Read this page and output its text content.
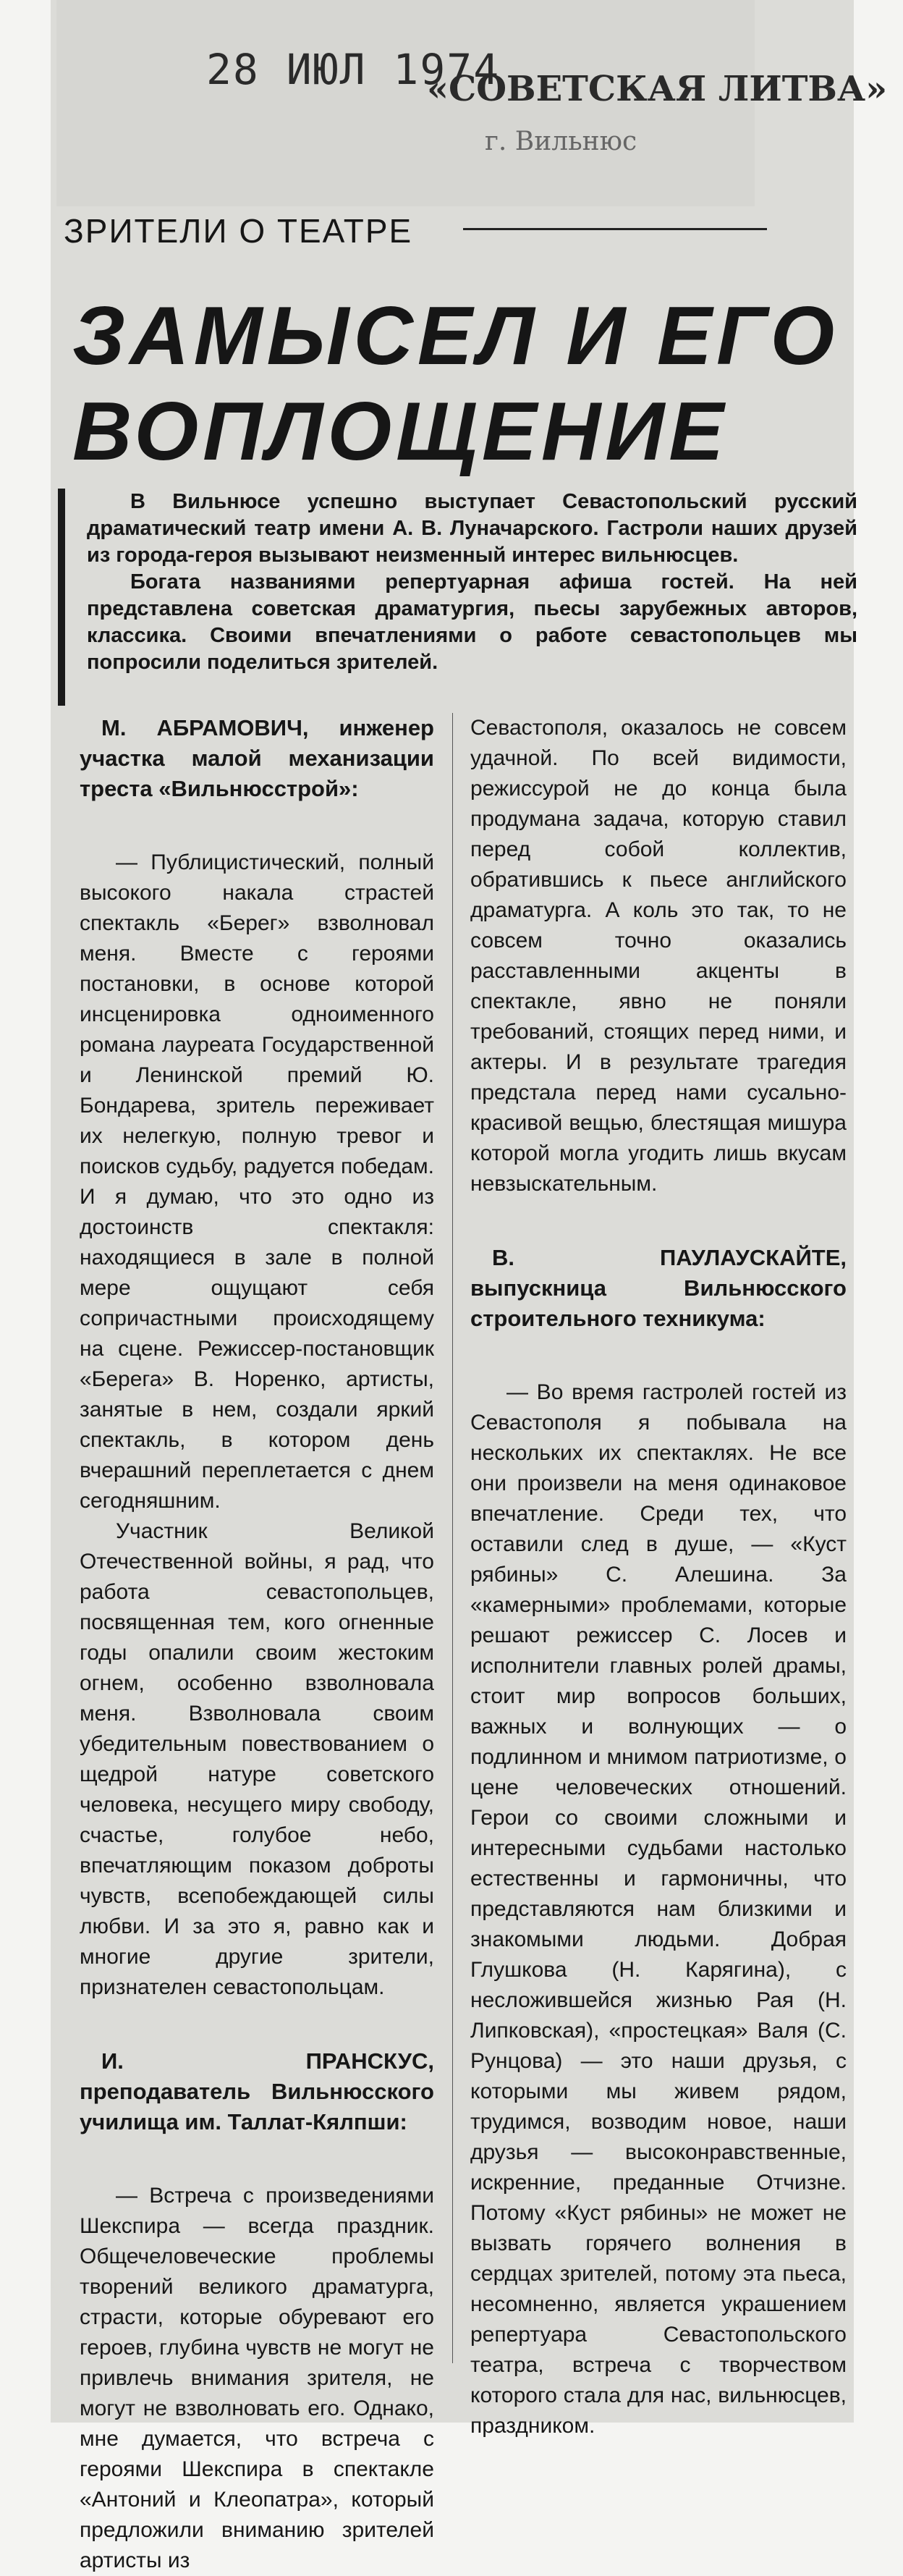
28 ИЮЛ 1974
«СОВЕТСКАЯ ЛИТВА»
г. Вильнюс
ЗРИТЕЛИ О ТЕАТРЕ
ЗАМЫСЕЛ И ЕГО
ВОПЛОЩЕНИЕ

В Вильнюсе успешно выступает Севастопольский русский драматический театр имени А. В. Луначарского. Гастроли наших друзей из города-героя вызывают неизменный интерес вильнюсцев.

Богата названиями репертуарная афиша гостей. На ней представлена советская драматургия, пьесы зарубежных авторов, классика. Своими впечатлениями о работе севастопольцев мы попросили поделиться зрителей.

М. АБРАМОВИЧ, инженер участка малой механизации треста «Вильнюсстрой»:

— Публицистический, полный высокого накала страстей спектакль «Берег» взволновал меня. Вместе с героями постановки, в основе которой инсценировка одноименного романа лауреата Государственной и Ленинской премий Ю. Бондарева, зритель переживает их нелегкую, полную тревог и поисков судьбу, радуется победам. И я думаю, что это одно из достоинств спектакля: находящиеся в зале в полной мере ощущают себя сопричастными происходящему на сцене. Режиссер-постановщик «Берега» В. Норенко, артисты, занятые в нем, создали яркий спектакль, в котором день вчерашний переплетается с днем сегодняшним.

Участник Великой Отечественной войны, я рад, что работа севастопольцев, посвященная тем, кого огненные годы опалили своим жестоким огнем, особенно взволновала меня. Взволновала своим убедительным повествованием о щедрой натуре советского человека, несущего миру свободу, счастье, голубое небо, впечатляющим показом доброты чувств, всепобеждающей силы любви. И за это я, равно как и многие другие зрители, признателен севастопольцам.

И. ПРАНСКУС, преподаватель Вильнюсского училища им. Таллат-Кялпши:

— Встреча с произведениями Шекспира — всегда праздник. Общечеловеческие проблемы творений великого драматурга, страсти, которые обуревают его героев, глубина чувств не могут не привлечь внимания зрителя, не могут не взволновать его. Однако, мне думается, что встреча с героями Шекспира в спектакле «Антоний и Клеопатра», который предложили вниманию зрителей артисты из

Севастополя, оказалось не совсем удачной. По всей видимости, режиссурой не до конца была продумана задача, которую ставил перед собой коллектив, обратившись к пьесе английского драматурга. А коль это так, то не совсем точно оказались расставленными акценты в спектакле, явно не поняли требований, стоящих перед ними, и актеры. И в результате трагедия предстала перед нами сусально-красивой вещью, блестящая мишура которой могла угодить лишь вкусам невзыскательным.

В. ПАУЛАУСКАЙТЕ, выпускница Вильнюсского строительного техникума:

— Во время гастролей гостей из Севастополя я побывала на нескольких их спектаклях. Не все они произвели на меня одинаковое впечатление. Среди тех, что оставили след в душе, — «Куст рябины» С. Алешина. За «камерными» проблемами, которые решают режиссер С. Лосев и исполнители главных ролей драмы, стоит мир вопросов больших, важных и волнующих — о подлинном и мнимом патриотизме, о цене человеческих отношений. Герои со своими сложными и интересными судьбами настолько естественны и гармоничны, что представляются нам близкими и знакомыми людьми. Добрая Глушкова (Н. Карягина), с несложившейся жизнью Рая (Н. Липковская), «простецкая» Валя (С. Рунцова) — это наши друзья, с которыми мы живем рядом, трудимся, возводим новое, наши друзья — высоконравственные, искренние, преданные Отчизне. Потому «Куст рябины» не может не вызвать горячего волнения в сердцах зрителей, потому эта пьеса, несомненно, является украшением репертуара Севастопольского театра, встреча с творчеством которого стала для нас, вильнюсцев, праздником.
